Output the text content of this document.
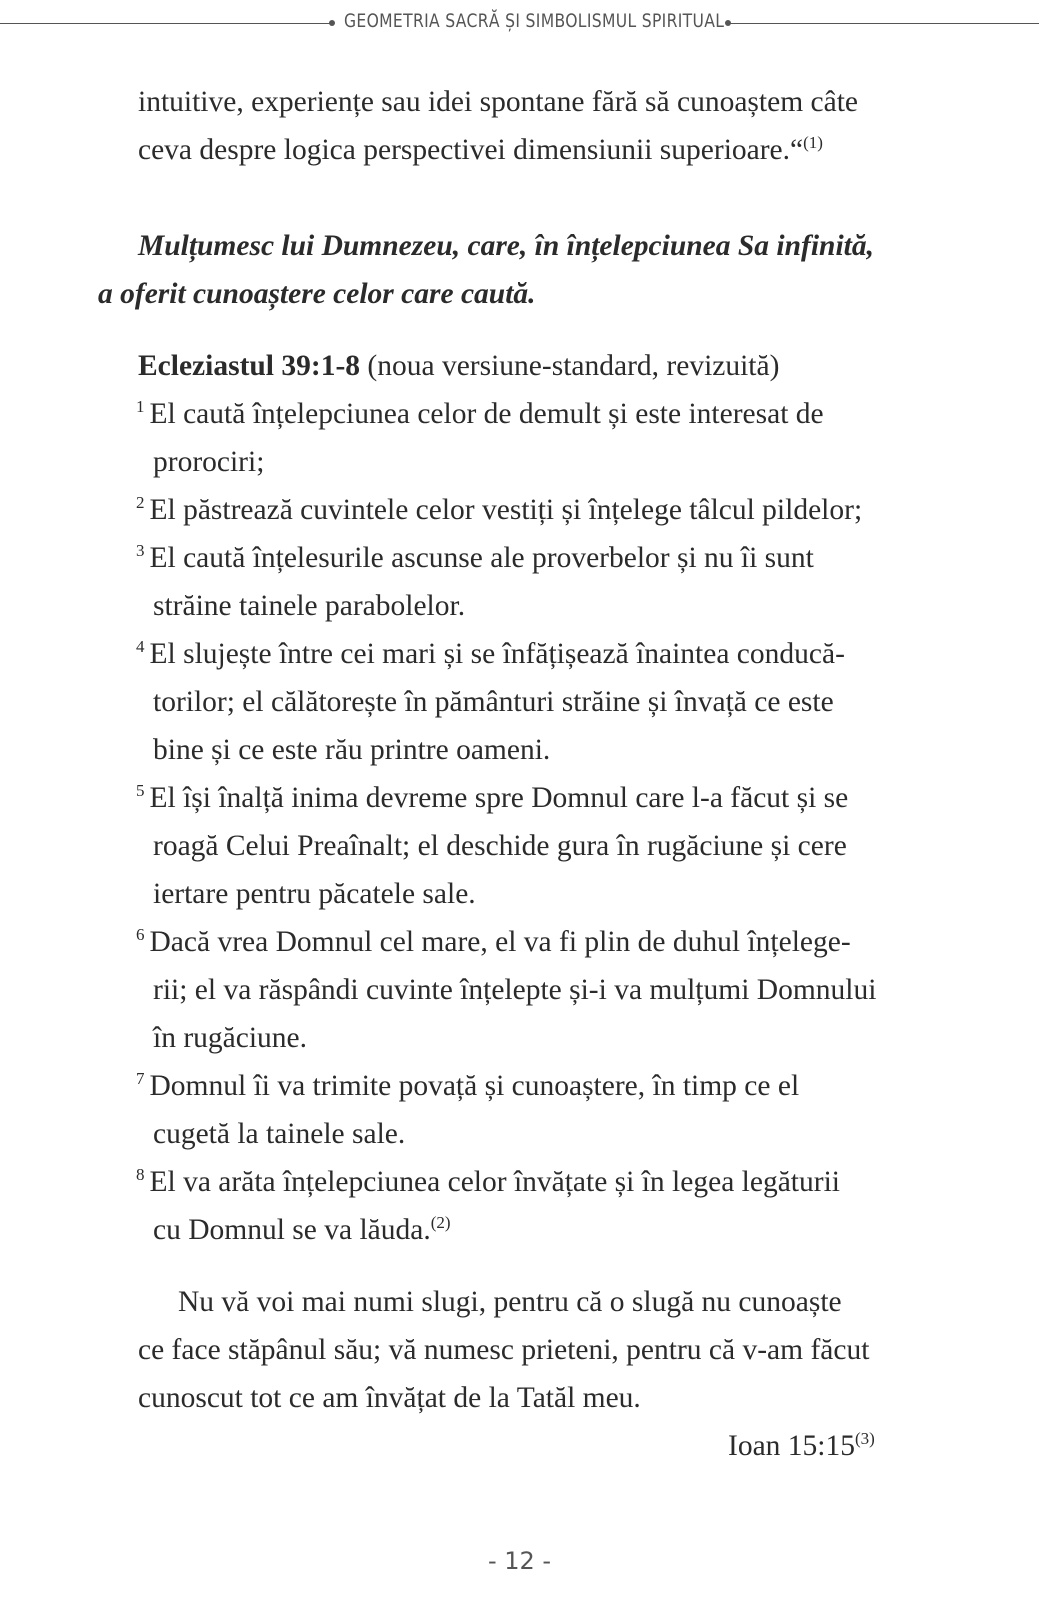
GEOMETRIA SACRĂ ȘI SIMBOLISMUL SPIRITUAL
intuitive, experiențe sau idei spontane fără să cunoaștem câte
ceva despre logica perspectivei dimensiunii superioare.“$^{(1)}$
Mulțumesc lui Dumnezeu, care, în înțelepciunea Sa infinită,
a oferit cunoaștere celor care caută.
Ecleziastul 39:1-8 (noua versiune-standard, revizuită)
$^1$ El caută înțelepciunea celor de demult și este interesat de
prorociri;
$^2$ El păstrează cuvintele celor vestiți și înțelege tâlcul pildelor;
$^3$ El caută înțelesurile ascunse ale proverbelor și nu îi sunt
străine tainele parabolelor.
$^4$ El slujește între cei mari și se înfățișează înaintea conducă-
torilor; el călătorește în pământuri străine și învață ce este
bine și ce este rău printre oameni.
$^5$ El își înalță inima devreme spre Domnul care l-a făcut și se
roagă Celui Preaînalt; el deschide gura în rugăciune și cere
iertare pentru păcatele sale.
$^6$ Dacă vrea Domnul cel mare, el va fi plin de duhul înțelege-
rii; el va răspândi cuvinte înțelepte și-i va mulțumi Domnului
în rugăciune.
$^7$ Domnul îi va trimite povață și cunoaștere, în timp ce el
cugetă la tainele sale.
$^8$ El va arăta înțelepciunea celor învățate și în legea legăturii
cu Domnul se va lăuda.$^{(2)}$
Nu vă voi mai numi slugi, pentru că o slugă nu cunoaște
ce face stăpânul său; vă numesc prieteni, pentru că v-am făcut
cunoscut tot ce am învățat de la Tatăl meu.
Ioan 15:15$^{(3)}$
- 12 -
